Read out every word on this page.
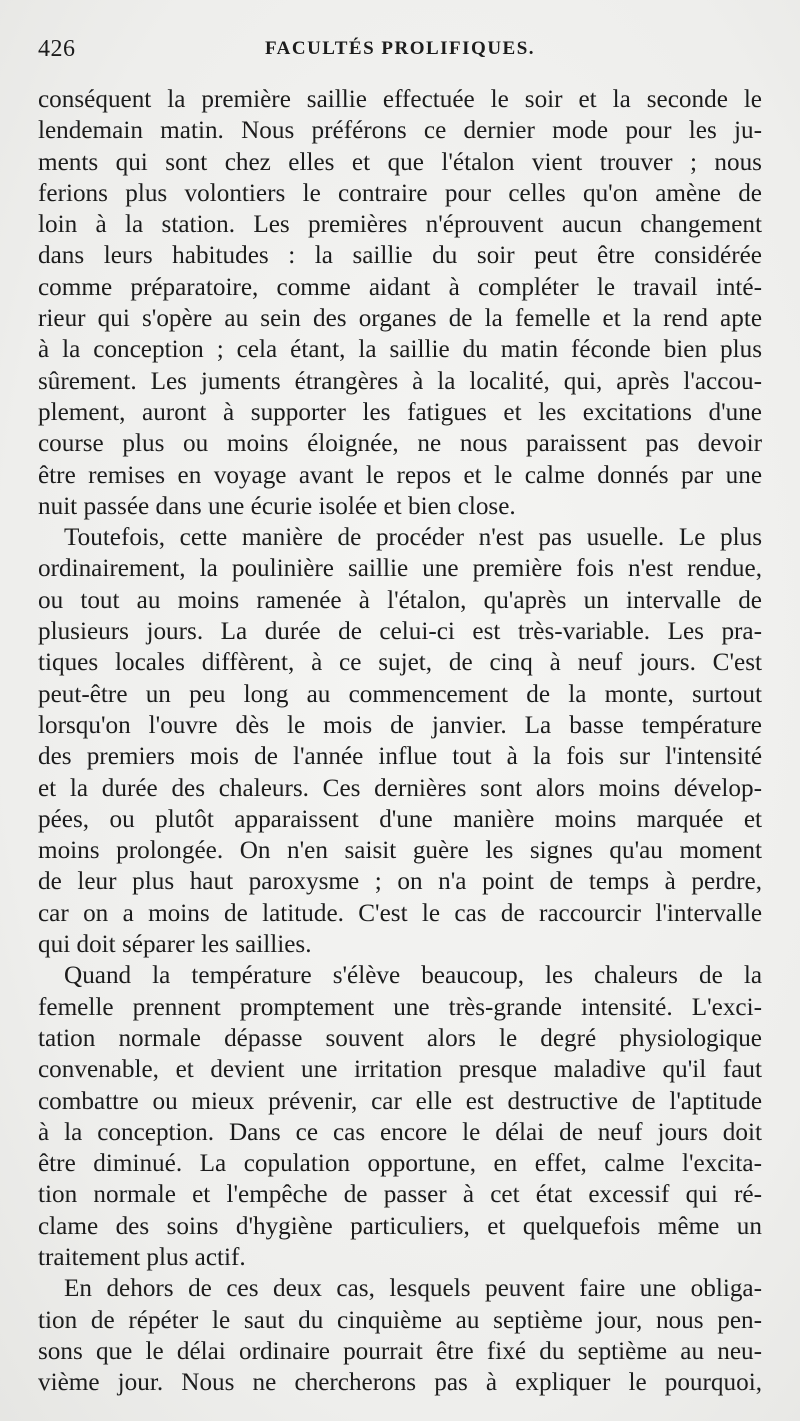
426	FACULTÉS PROLIFIQUES.

conséquent la première saillie effectuée le soir et la seconde le
lendemain matin. Nous préférons ce dernier mode pour les ju-
ments qui sont chez elles et que l'étalon vient trouver ; nous
ferions plus volontiers le contraire pour celles qu'on amène de
loin à la station. Les premières n'éprouvent aucun changement
dans leurs habitudes : la saillie du soir peut être considérée
comme préparatoire, comme aidant à compléter le travail inté-
rieur qui s'opère au sein des organes de la femelle et la rend apte
à la conception ; cela étant, la saillie du matin féconde bien plus
sûrement. Les juments étrangères à la localité, qui, après l'accou-
plement, auront à supporter les fatigues et les excitations d'une
course plus ou moins éloignée, ne nous paraissent pas devoir
être remises en voyage avant le repos et le calme donnés par une
nuit passée dans une écurie isolée et bien close.

Toutefois, cette manière de procéder n'est pas usuelle. Le plus
ordinairement, la poulinière saillie une première fois n'est rendue,
ou tout au moins ramenée à l'étalon, qu'après un intervalle de
plusieurs jours. La durée de celui-ci est très-variable. Les pra-
tiques locales diffèrent, à ce sujet, de cinq à neuf jours. C'est
peut-être un peu long au commencement de la monte, surtout
lorsqu'on l'ouvre dès le mois de janvier. La basse température
des premiers mois de l'année influe tout à la fois sur l'intensité
et la durée des chaleurs. Ces dernières sont alors moins dévelop-
pées, ou plutôt apparaissent d'une manière moins marquée et
moins prolongée. On n'en saisit guère les signes qu'au moment
de leur plus haut paroxysme ; on n'a point de temps à perdre,
car on a moins de latitude. C'est le cas de raccourcir l'intervalle
qui doit séparer les saillies.

Quand la température s'élève beaucoup, les chaleurs de la
femelle prennent promptement une très-grande intensité. L'exci-
tation normale dépasse souvent alors le degré physiologique
convenable, et devient une irritation presque maladive qu'il faut
combattre ou mieux prévenir, car elle est destructive de l'aptitude
à la conception. Dans ce cas encore le délai de neuf jours doit
être diminué. La copulation opportune, en effet, calme l'excita-
tion normale et l'empêche de passer à cet état excessif qui ré-
clame des soins d'hygiène particuliers, et quelquefois même un
traitement plus actif.

En dehors de ces deux cas, lesquels peuvent faire une obliga-
tion de répéter le saut du cinquième au septième jour, nous pen-
sons que le délai ordinaire pourrait être fixé du septième au neu-
vième jour. Nous ne chercherons pas à expliquer le pourquoi,
